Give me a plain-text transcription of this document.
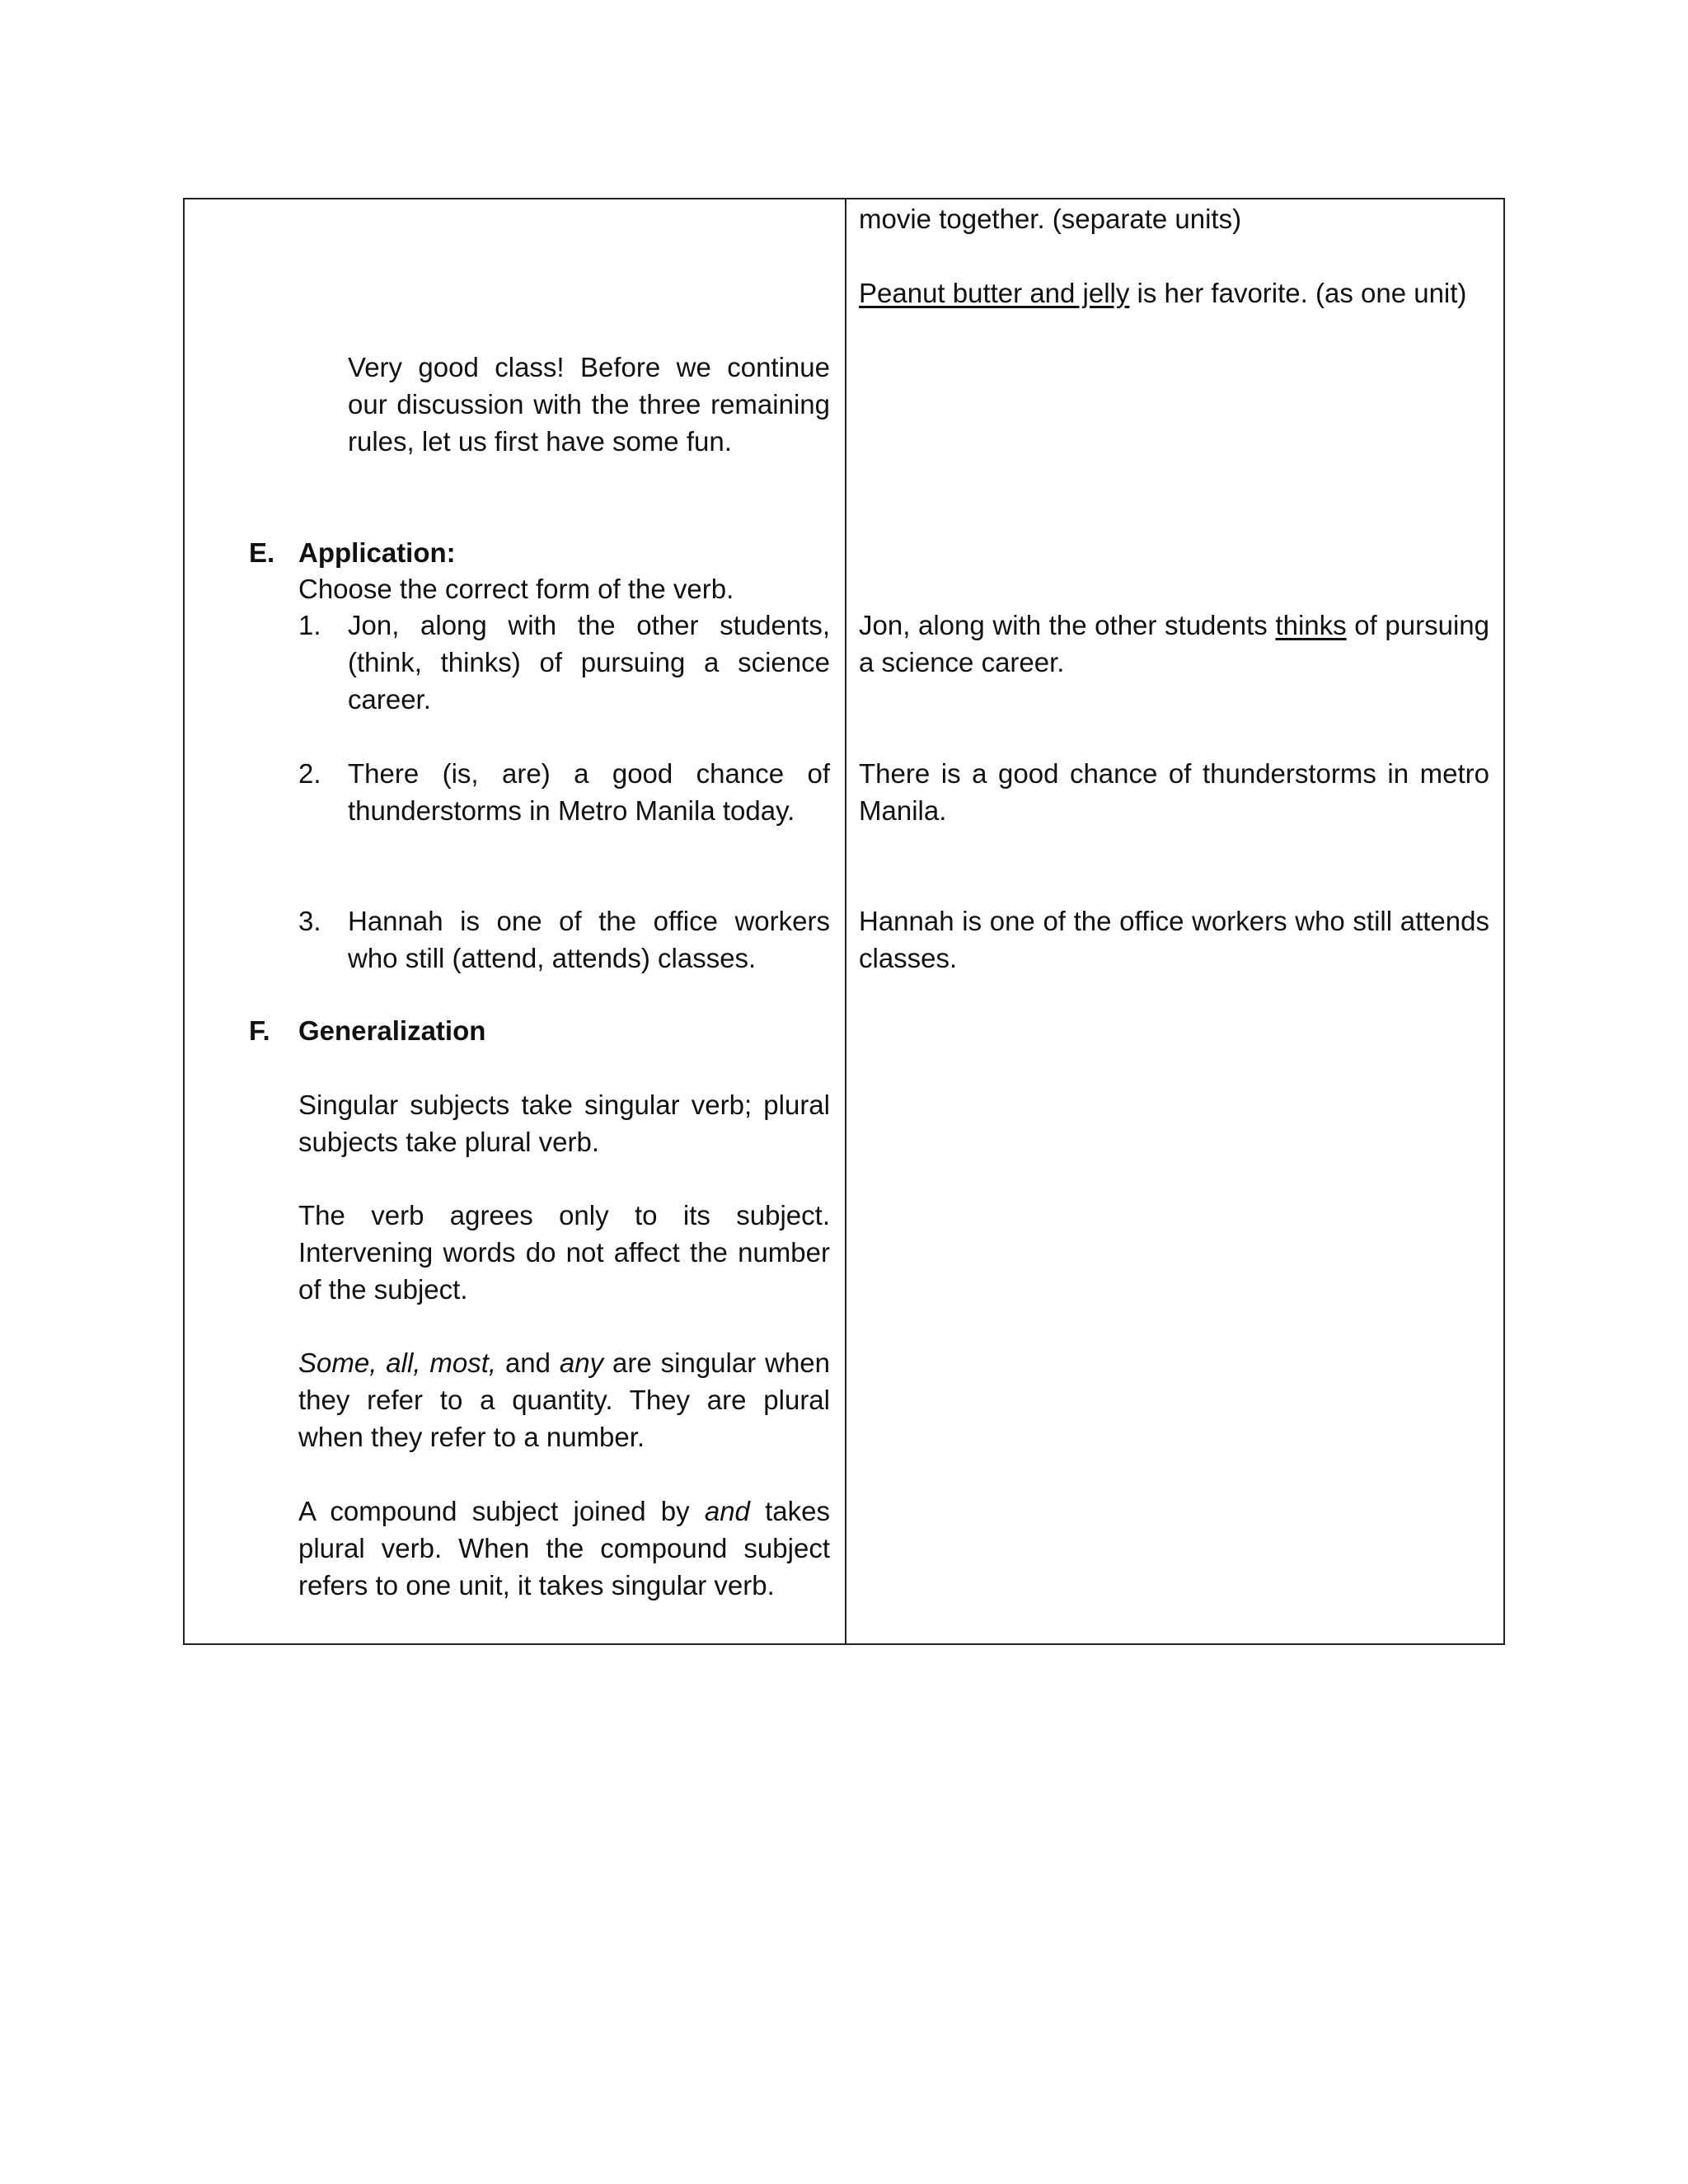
movie together. (separate units)
Peanut butter and jelly is her favorite. (as one unit)
Jon, along with the other students thinks of pursuing a science career.
There is a good chance of thunderstorms in metro Manila.
Hannah is one of the office workers who still attends classes.
Very good class! Before we continue our discussion with the three remaining rules, let us first have some fun.
E. Application:
Choose the correct form of the verb.
1. Jon, along with the other students, (think, thinks) of pursuing a science career.
2. There (is, are) a good chance of thunderstorms in Metro Manila today.
3. Hannah is one of the office workers who still (attend, attends) classes.
F. Generalization
Singular subjects take singular verb; plural subjects take plural verb.
The verb agrees only to its subject. Intervening words do not affect the number of the subject.
Some, all, most, and any are singular when they refer to a quantity. They are plural when they refer to a number.
A compound subject joined by and takes plural verb. When the compound subject refers to one unit, it takes singular verb.
